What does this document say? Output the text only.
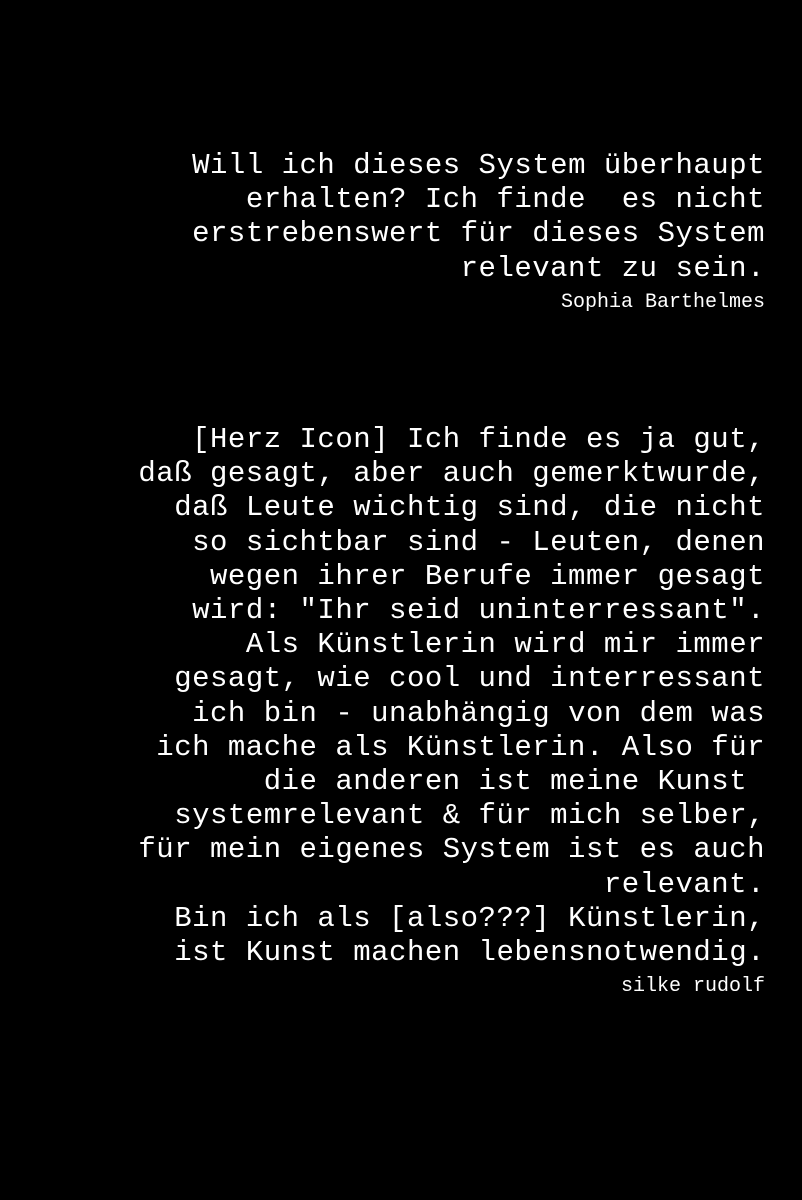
Will ich dieses System überhaupt
erhalten? Ich finde  es nicht
erstrebenswert für dieses System
relevant zu sein.
Sophia Barthelmes
[Herz Icon] Ich finde es ja gut,
daß gesagt, aber auch gemerktwurde,
daß Leute wichtig sind, die nicht
so sichtbar sind - Leuten, denen
wegen ihrer Berufe immer gesagt
wird: "Ihr seid uninterressant".
Als Künstlerin wird mir immer
gesagt, wie cool und interressant
ich bin - unabhängig von dem was
ich mache als Künstlerin. Also für
die anderen ist meine Kunst
systemrelevant & für mich selber,
für mein eigenes System ist es auch
relevant.
Bin ich als [also???] Künstlerin,
ist Kunst machen lebensnotwendig.
silke rudolf
